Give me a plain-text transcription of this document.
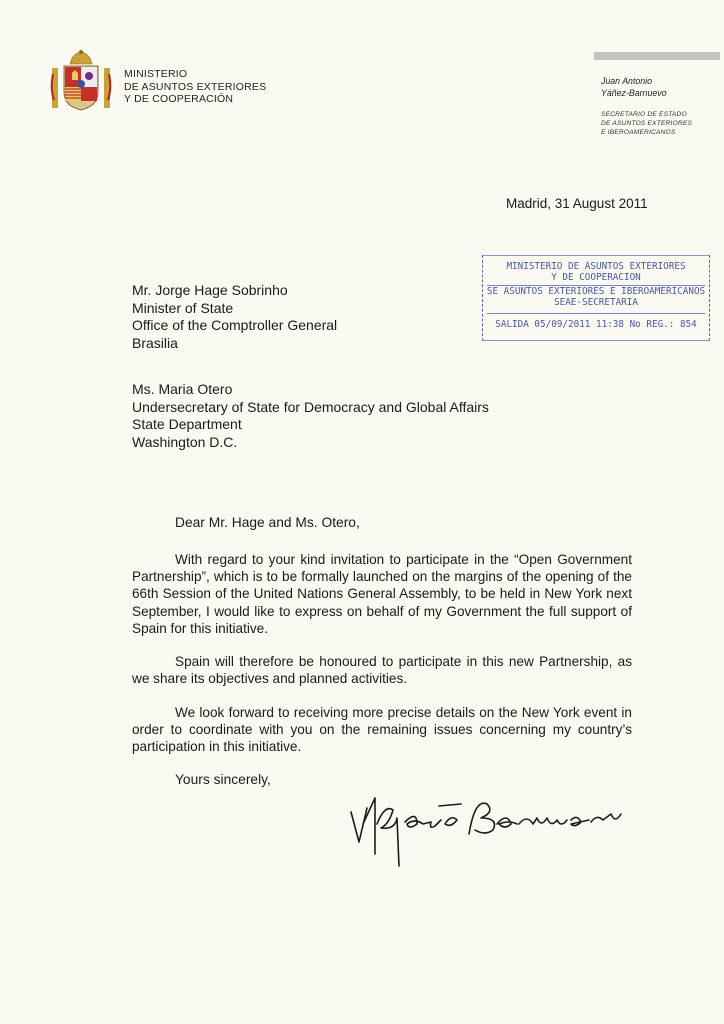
MINISTERIO
DE ASUNTOS EXTERIORES
Y DE COOPERACIÓN
Juan Antonio
Yáñez-Barnuevo
SECRETARIO DE ESTADO
DE ASUNTOS EXTERIORES
E IBEROAMERICANOS
Madrid, 31 August 2011
MINISTERIO DE ASUNTOS EXTERIORES
Y DE COOPERACION
SE ASUNTOS EXTERIORES E IBEROAMERICANOS
SEAE-SECRETARIA
SALIDA 05/09/2011 11:38 No REG.: 854
Mr. Jorge Hage Sobrinho
Minister of State
Office of the Comptroller General
Brasilia
Ms. Maria Otero
Undersecretary of State for Democracy and Global Affairs
State Department
Washington D.C.
Dear Mr. Hage and Ms. Otero,
With regard to your kind invitation to participate in the “Open Government Partnership”, which is to be formally launched on the margins of the opening of the 66th Session of the United Nations General Assembly, to be held in New York next September, I would like to express on behalf of my Government the full support of Spain for this initiative.
Spain will therefore be honoured to participate in this new Partnership, as we share its objectives and planned activities.
We look forward to receiving more precise details on the New York event in order to coordinate with you on the remaining issues concerning my country’s participation in this initiative.
Yours sincerely,
